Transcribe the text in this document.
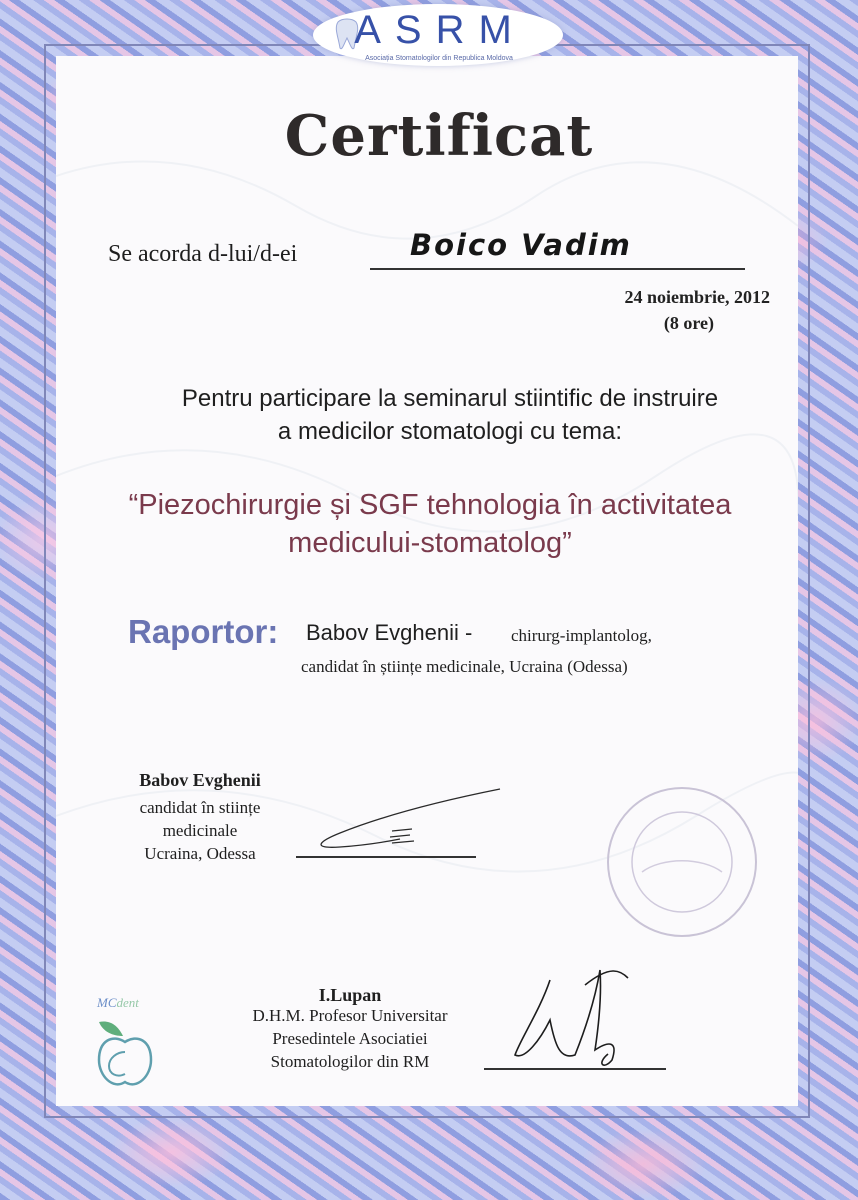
ASRM
Asociația Stomatologilor din Republica Moldova
Certificat
Se acorda d-lui/d-ei	Boico Vadim
24 noiembrie, 2012
(8 ore)
Pentru participare la seminarul stiintific de instruire
a medicilor stomatologi cu tema:
“Piezochirurgie și SGF tehnologia în activitatea
medicului-stomatolog”
Raportor: Babov Evghenii - chirurg-implantolog,
candidat în științe medicinale, Ucraina (Odessa)
Babov Evghenii
candidat în stiințe
medicinale
Ucraina, Odessa
I.Lupan
D.H.M. Profesor Universitar
Presedintele Asociatiei
Stomatologilor din RM
MCdent
